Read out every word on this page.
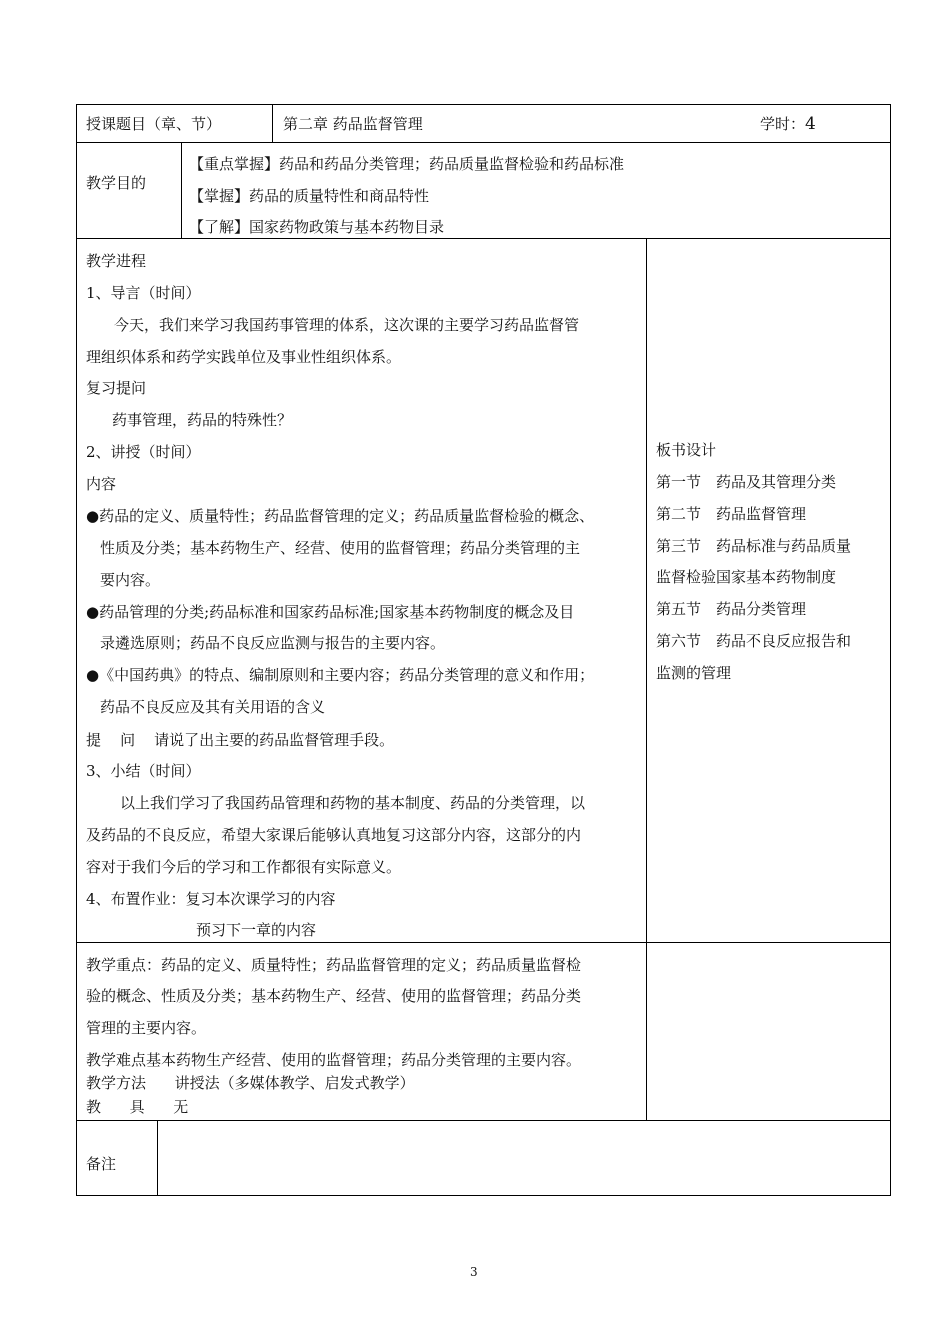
授课题目（章、节）	第二章 药品监督管理	学时：4
教学目的
【重点掌握】药品和药品分类管理；药品质量监督检验和药品标准
【掌握】药品的质量特性和商品特性
【了解】国家药物政策与基本药物目录
教学进程
1、导言（时间）
今天，我们来学习我国药事管理的体系，这次课的主要学习药品监督管
理组织体系和药学实践单位及事业性组织体系。
复习提问
药事管理，药品的特殊性？
2、讲授（时间）
内容
●药品的定义、质量特性；药品监督管理的定义；药品质量监督检验的概念、
性质及分类；基本药物生产、经营、使用的监督管理；药品分类管理的主
要内容。
●药品管理的分类;药品标准和国家药品标准;国家基本药物制度的概念及目
录遴选原则；药品不良反应监测与报告的主要内容。
●《中国药典》的特点、编制原则和主要内容；药品分类管理的意义和作用；
药品不良反应及其有关用语的含义
提    问    请说了出主要的药品监督管理手段。
3、小结（时间）
以上我们学习了我国药品管理和药物的基本制度、药品的分类管理，以
及药品的不良反应，希望大家课后能够认真地复习这部分内容，这部分的内
容对于我们今后的学习和工作都很有实际意义。
4、布置作业：复习本次课学习的内容
预习下一章的内容
板书设计
第一节　药品及其管理分类
第二节　药品监督管理
第三节　药品标准与药品质量
监督检验国家基本药物制度
第五节　药品分类管理
第六节　药品不良反应报告和
监测的管理
教学重点：药品的定义、质量特性；药品监督管理的定义；药品质量监督检
验的概念、性质及分类；基本药物生产、经营、使用的监督管理；药品分类
管理的主要内容。
教学难点基本药物生产经营、使用的监督管理；药品分类管理的主要内容。
教学方法      讲授法（多媒体教学、启发式教学）
教      具      无
备注
3
